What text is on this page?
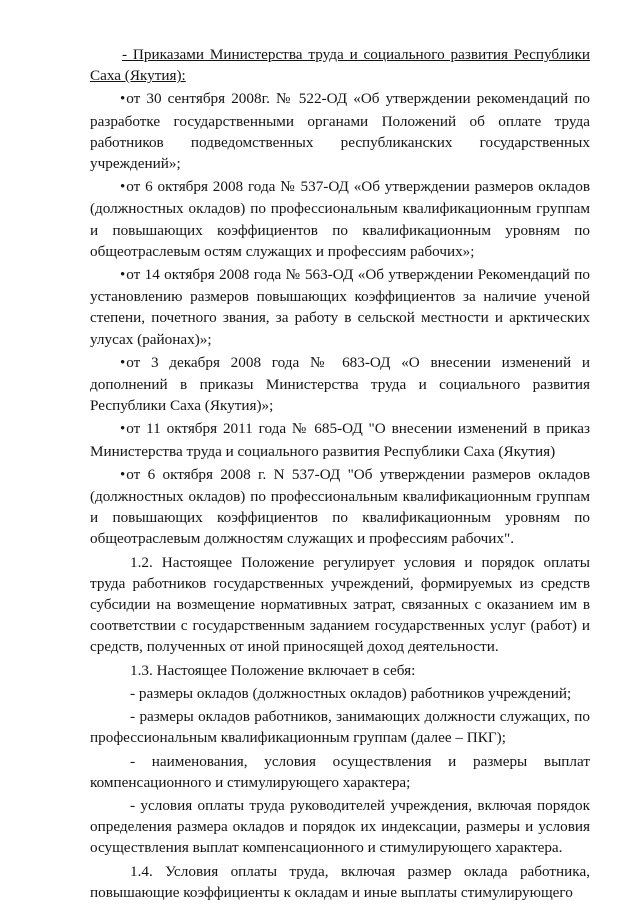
- Приказами Министерства труда и социального развития Республики Саха (Якутия):

•от 30 сентября 2008г. № 522-ОД «Об утверждении рекомендаций по разработке государственными органами Положений об оплате труда работников подведомственных республиканских государственных учреждений»;

•от 6 октября 2008 года № 537-ОД «Об утверждении размеров окладов (должностных окладов) по профессиональным квалификационным группам и повышающих коэффициентов по квалификационным уровням по общеотраслевым остям служащих и профессиям рабочих»;

•от 14 октября 2008 года № 563-ОД «Об утверждении Рекомендаций по установлению размеров повышающих коэффициентов за наличие ученой степени, почетного звания, за работу в сельской местности и арктических улусах (районах)»;

•от 3 декабря 2008 года № 683-ОД «О внесении изменений и дополнений в приказы Министерства труда и социального развития Республики Саха (Якутия)»;

•от 11 октября 2011 года № 685-ОД "О внесении изменений в приказ Министерства труда и социального развития Республики Саха (Якутия)

•от 6 октября 2008 г. N 537-ОД "Об утверждении размеров окладов (должностных окладов) по профессиональным квалификационным группам и повышающих коэффициентов по квалификационным уровням по общеотраслевым должностям служащих и профессиям рабочих".

1.2. Настоящее Положение регулирует условия и порядок оплаты труда работников государственных учреждений, формируемых из средств субсидии на возмещение нормативных затрат, связанных с оказанием им в соответствии с государственным заданием государственных услуг (работ) и средств, полученных от иной приносящей доход деятельности.

1.3. Настоящее Положение включает в себя:

- размеры окладов (должностных окладов) работников учреждений;

- размеры окладов работников, занимающих должности служащих, по профессиональным квалификационным группам (далее – ПКГ);

- наименования, условия осуществления и размеры выплат компенсационного и стимулирующего характера;

- условия оплаты труда руководителей учреждения, включая порядок определения размера окладов и порядок их индексации, размеры и условия осуществления выплат компенсационного и стимулирующего характера.

1.4. Условия оплаты труда, включая размер оклада работника, повышающие коэффициенты к окладам и иные выплаты стимулирующего
